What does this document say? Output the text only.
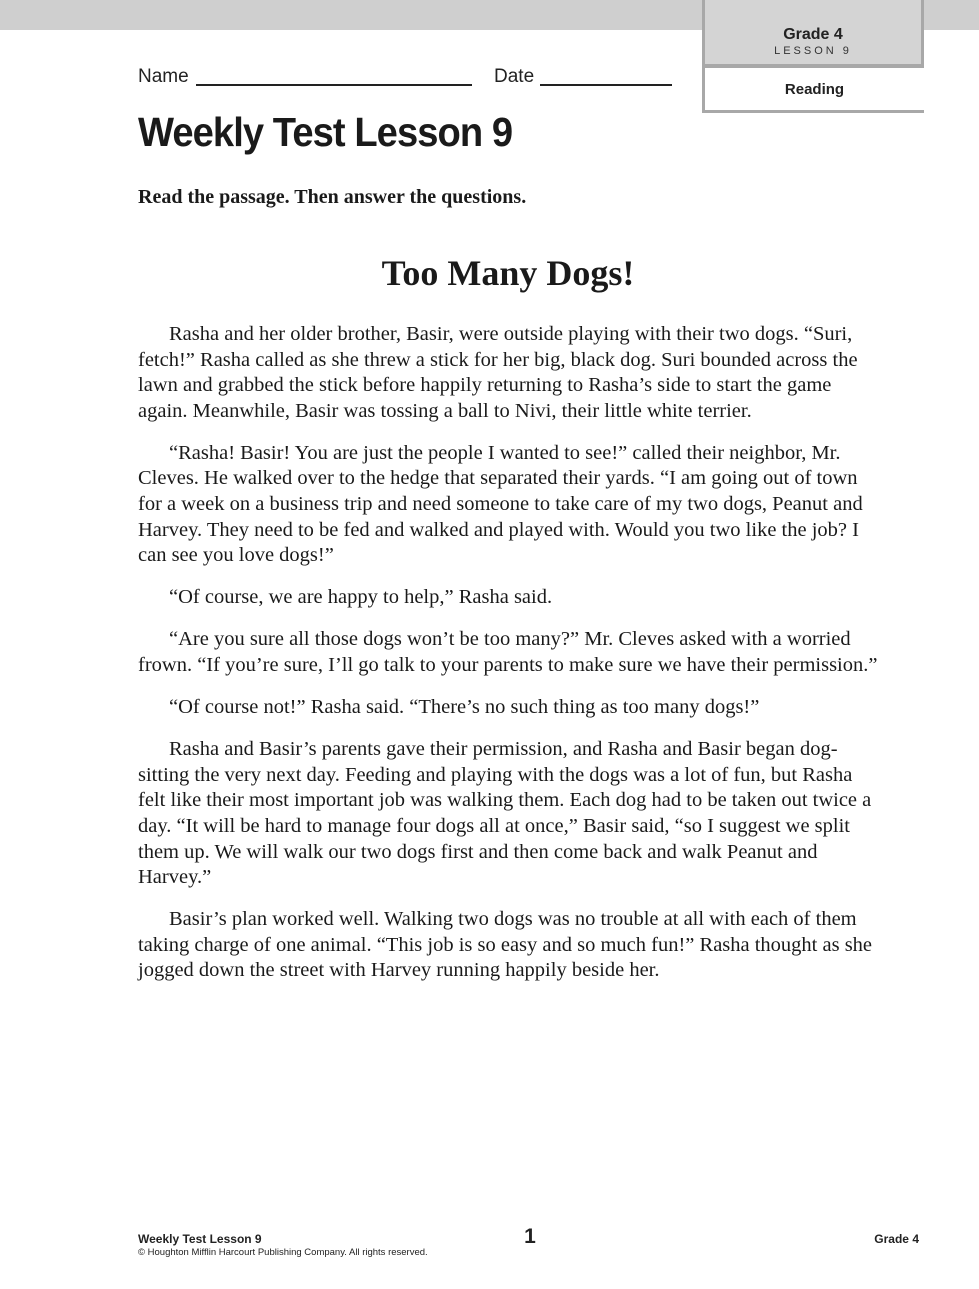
Grade 4
LESSON 9
Reading
Name	Date
Weekly Test Lesson 9

Read the passage. Then answer the questions.

Too Many Dogs!

Rasha and her older brother, Basir, were outside playing with their two dogs. “Suri, fetch!” Rasha called as she threw a stick for her big, black dog. Suri bounded across the lawn and grabbed the stick before happily returning to Rasha’s side to start the game again. Meanwhile, Basir was tossing a ball to Nivi, their little white terrier.

“Rasha! Basir! You are just the people I wanted to see!” called their neighbor, Mr. Cleves. He walked over to the hedge that separated their yards. “I am going out of town for a week on a business trip and need someone to take care of my two dogs, Peanut and Harvey. They need to be fed and walked and played with. Would you two like the job? I can see you love dogs!”

“Of course, we are happy to help,” Rasha said.

“Are you sure all those dogs won’t be too many?” Mr. Cleves asked with a worried frown. “If you’re sure, I’ll go talk to your parents to make sure we have their permission.”

“Of course not!” Rasha said. “There’s no such thing as too many dogs!”

Rasha and Basir’s parents gave their permission, and Rasha and Basir began dog-sitting the very next day. Feeding and playing with the dogs was a lot of fun, but Rasha felt like their most important job was walking them. Each dog had to be taken out twice a day. “It will be hard to manage four dogs all at once,” Basir said, “so I suggest we split them up. We will walk our two dogs first and then come back and walk Peanut and Harvey.”

Basir’s plan worked well. Walking two dogs was no trouble at all with each of them taking charge of one animal. “This job is so easy and so much fun!” Rasha thought as she jogged down the street with Harvey running happily beside her.

Weekly Test Lesson 9
© Houghton Mifflin Harcourt Publishing Company. All rights reserved.
1	Grade 4
